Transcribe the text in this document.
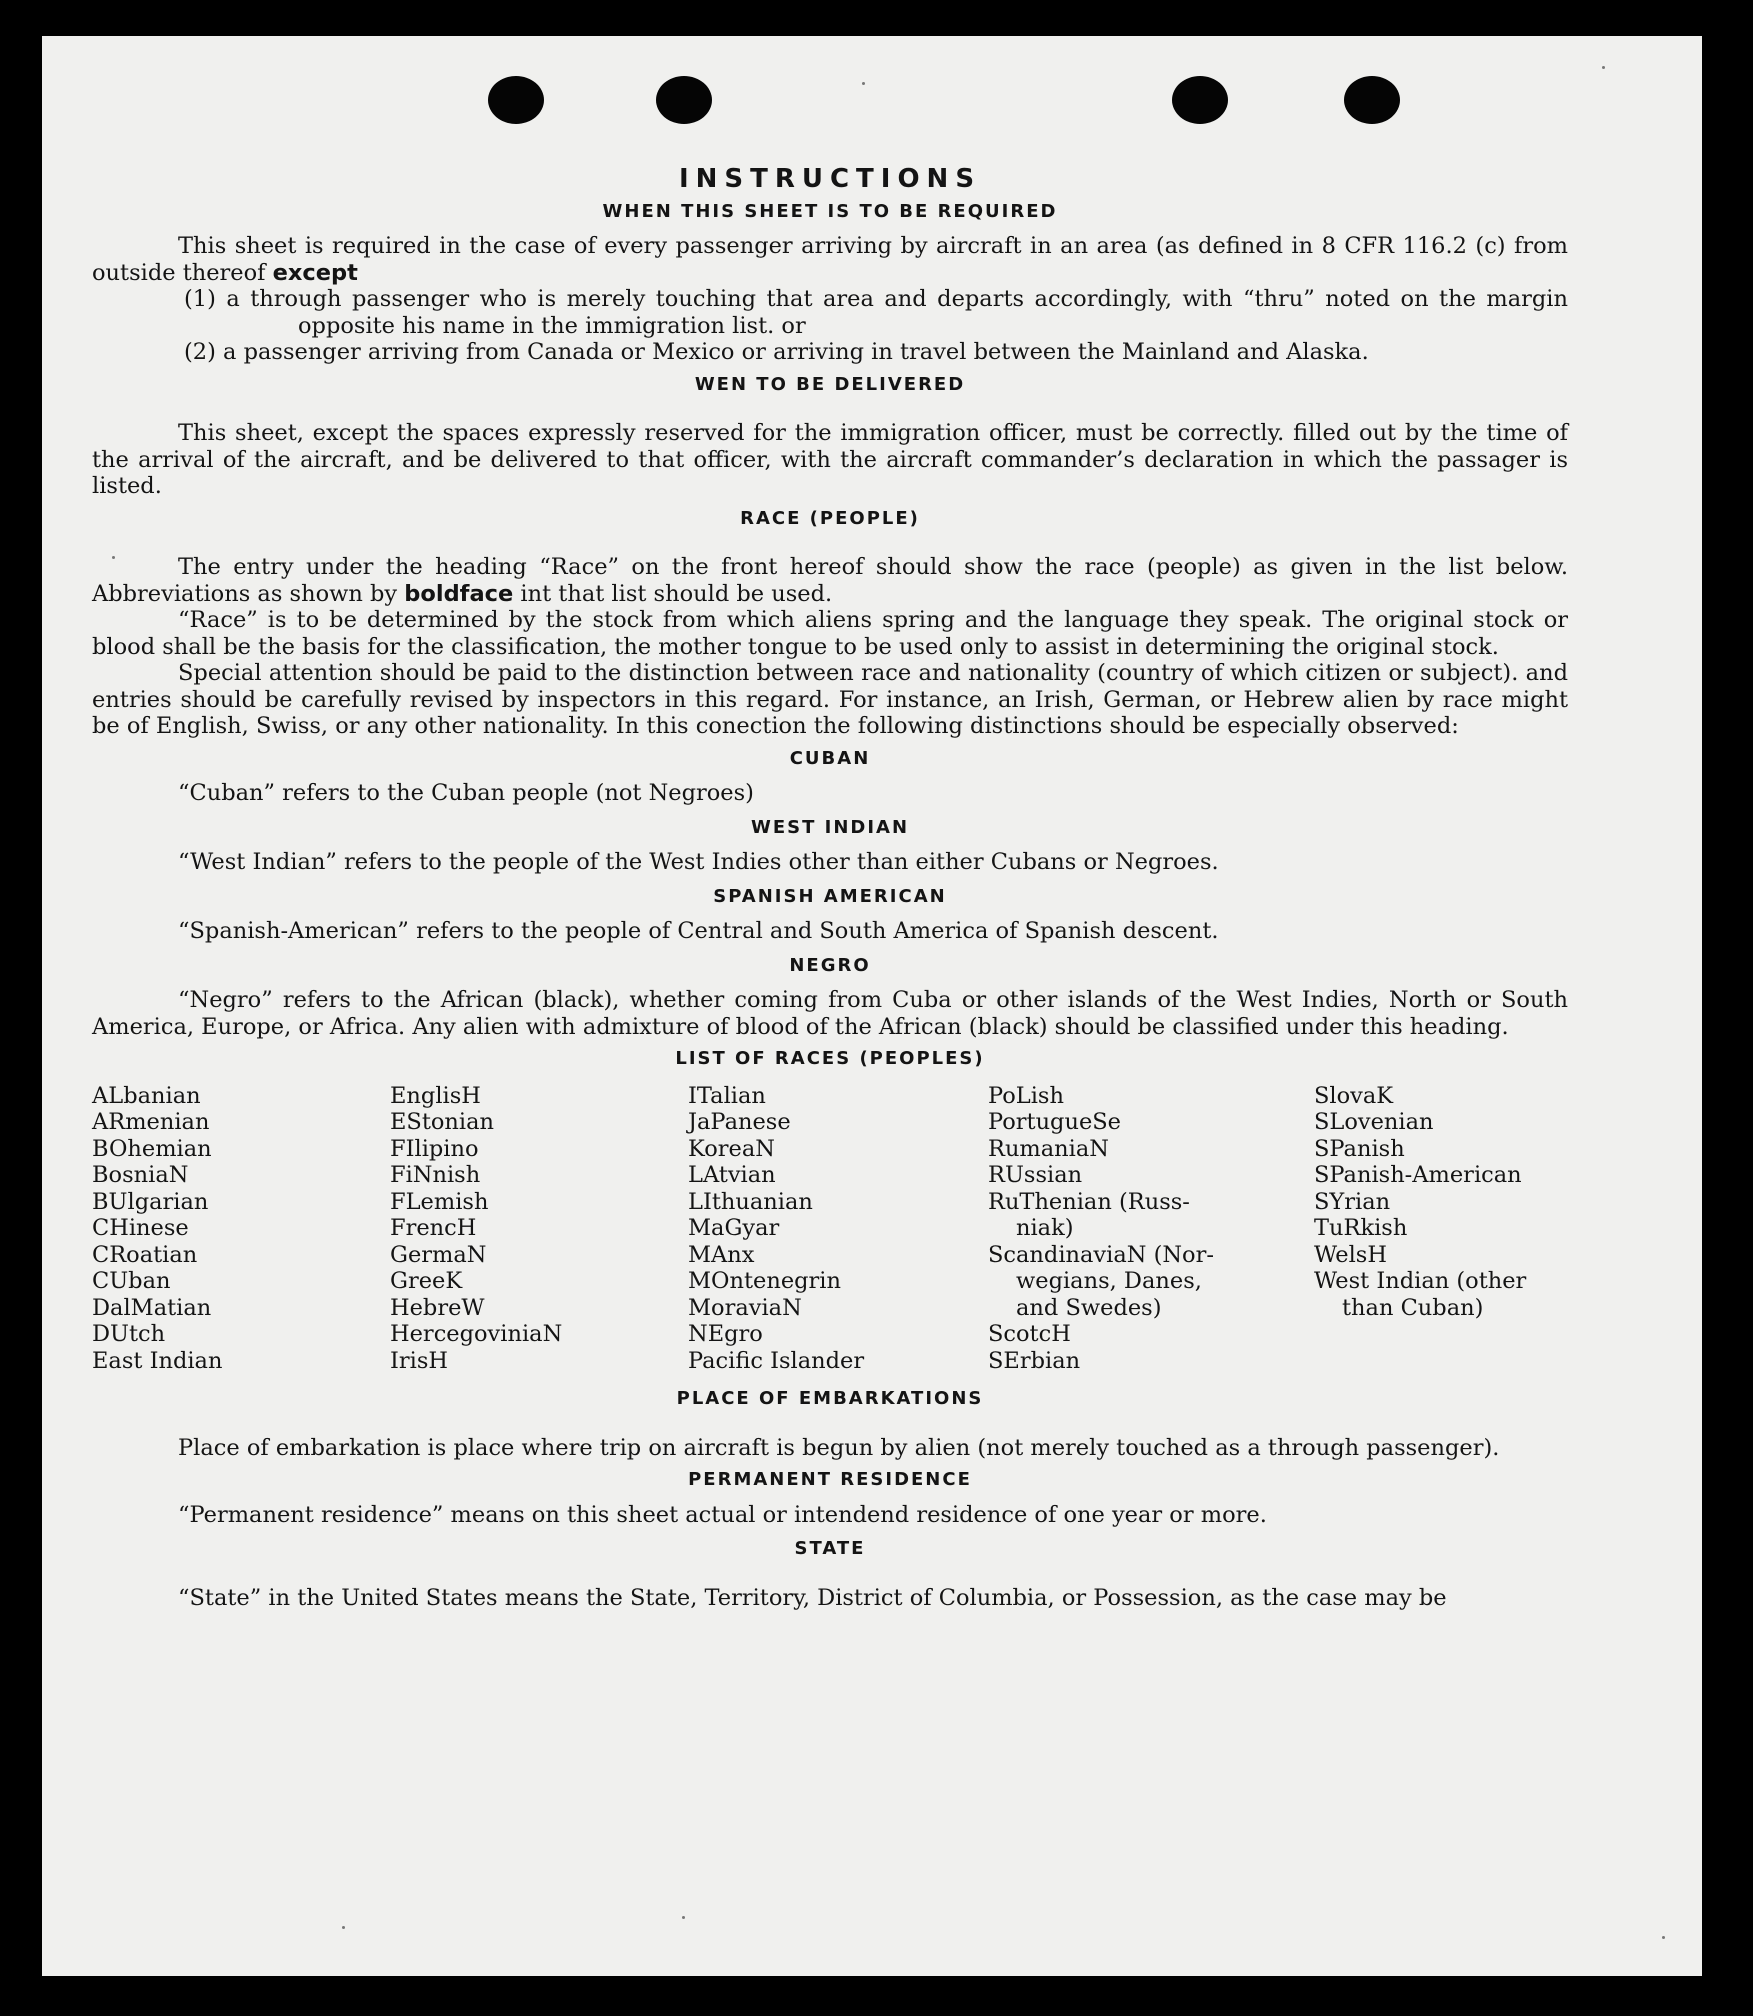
INSTRUCTIONS
WHEN THIS SHEET IS TO BE REQUIRED

This sheet is required in the case of every passenger arriving by aircraft in an area (as defined in 8 CFR 116.2 (c) from outside thereof except

(1) a through passenger who is merely touching that area and departs accordingly, with “thru” noted on the margin opposite his name in the immigration list. or

(2) a passenger arriving from Canada or Mexico or arriving in travel between the Mainland and Alaska.

WEN TO BE DELIVERED

This sheet, except the spaces expressly reserved for the immigration officer, must be correctly. filled out by the time of the arrival of the aircraft, and be delivered to that officer, with the aircraft commander’s declaration in which the passager is listed.

RACE (PEOPLE)

The entry under the heading “Race” on the front hereof should show the race (people) as given in the list below. Abbreviations as shown by boldface int that list should be used.

“Race” is to be determined by the stock from which aliens spring and the language they speak. The original stock or blood shall be the basis for the classification, the mother tongue to be used only to assist in determining the original stock.

Special attention should be paid to the distinction between race and nationality (country of which citizen or subject). and entries should be carefully revised by inspectors in this regard. For instance, an Irish, German, or Hebrew alien by race might be of English, Swiss, or any other nationality. In this conection the following distinctions should be especially observed:

CUBAN

“Cuban” refers to the Cuban people (not Negroes)

WEST INDIAN

“West Indian” refers to the people of the West Indies other than either Cubans or Negroes.

SPANISH AMERICAN

“Spanish-American” refers to the people of Central and South America of Spanish descent.

NEGRO

“Negro” refers to the African (black), whether coming from Cuba or other islands of the West Indies, North or South America, Europe, or Africa. Any alien with admixture of blood of the African (black) should be classified under this heading.

LIST OF RACES (PEOPLES)
ALbanian
ARmenian
BOhemian
BosniaN
BUlgarian
CHinese
CRoatian
CUban
DalMatian
DUtch
East Indian
EnglisH
EStonian
FIlipino
FiNnish
FLemish
FrencH
GermaN
GreeK
HebreW
HercegoviniaN
IrisH
ITalian
JaPanese
KoreaN
LAtvian
LIthuanian
MaGyar
MAnx
MOntenegrin
MoraviaN
NEgro
Pacific Islander
PoLish
PortugueSe
RumaniaN
RUssian
RuThenian (Russ-
niak)
ScandinaviaN (Nor-
wegians, Danes,
and Swedes)
ScotcH
SErbian
SlovaK
SLovenian
SPanish
SPanish-American
SYrian
TuRkish
WelsH
West Indian (other
than Cuban)
PLACE OF EMBARKATIONS

Place of embarkation is place where trip on aircraft is begun by alien (not merely touched as a through passenger).

PERMANENT RESIDENCE

“Permanent residence” means on this sheet actual or intendend residence of one year or more.

STATE

“State” in the United States means the State, Territory, District of Columbia, or Possession, as the case may be
